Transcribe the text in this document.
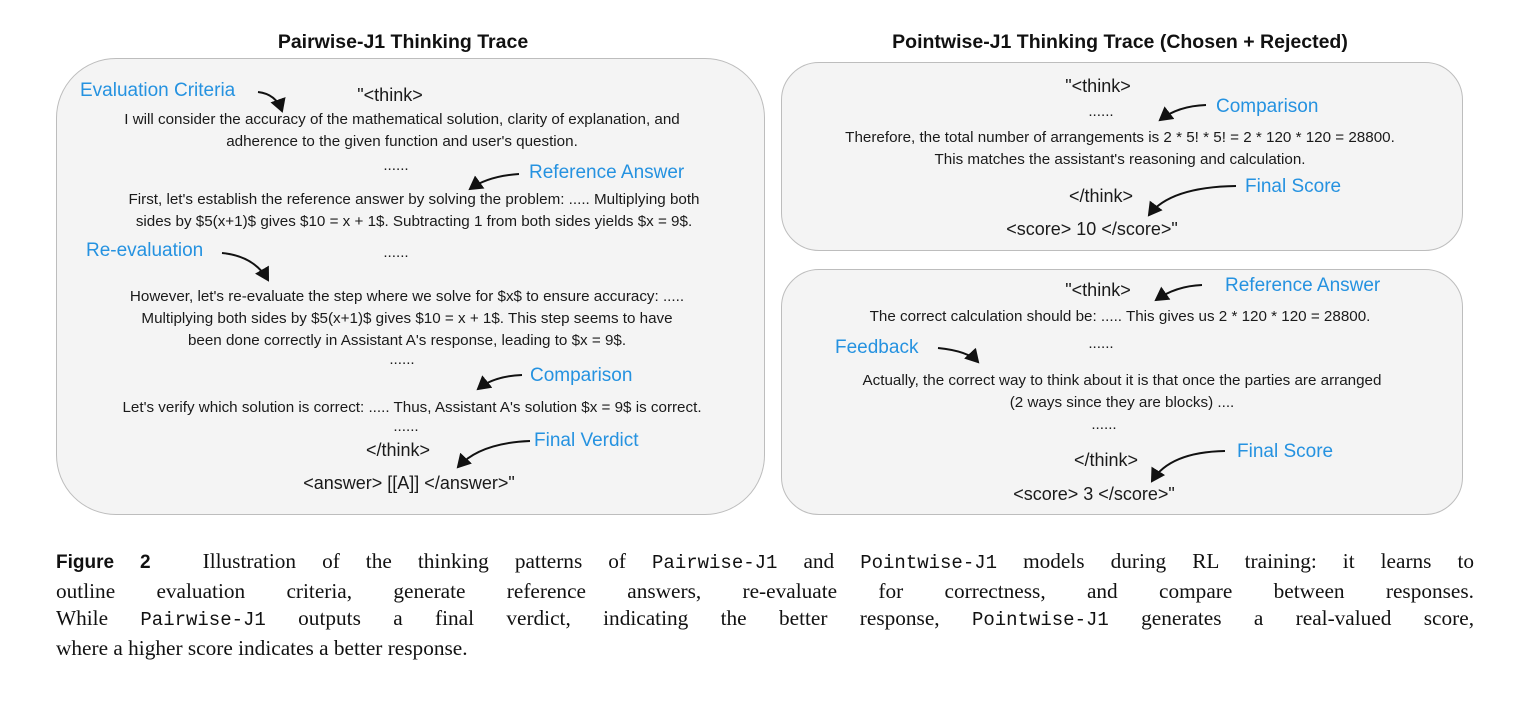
Pairwise-J1 Thinking Trace	Pointwise-J1 Thinking Trace (Chosen + Rejected)
Evaluation Criteria	"<think>
I will consider the accuracy of the mathematical solution, clarity of explanation, and
adherence to the given function and user's question.
......	Reference Answer
First, let's establish the reference answer by solving the problem: ..... Multiplying both
sides by $5(x+1)$ gives $10 = x + 1$. Subtracting 1 from both sides yields $x = 9$.
Re-evaluation	......
However, let's re-evaluate the step where we solve for $x$ to ensure accuracy: .....
Multiplying both sides by $5(x+1)$ gives $10 = x + 1$. This step seems to have
been done correctly in Assistant A's response, leading to $x = 9$.
......
Comparison
Let's verify which solution is correct: ..... Thus, Assistant A's solution $x = 9$ is correct.
......
Final Verdict
</think>
<answer> [[A]] </answer>"
"<think>
Comparison
......
Therefore, the total number of arrangements is 2 * 5! * 5! = 2 * 120 * 120 = 28800.
This matches the assistant's reasoning and calculation.
Final Score
</think>
<score> 10 </score>"
"<think>	Reference Answer
The correct calculation should be: ..... This gives us 2 * 120 * 120 = 28800.
Feedback	......
Actually, the correct way to think about it is that once the parties are arranged
(2 ways since they are blocks) ....
......
Final Score
</think>
<score> 3 </score>"
Figure 2 Illustration of the thinking patterns of Pairwise-J1 and Pointwise-J1 models during RL training: it learns to
outline evaluation criteria, generate reference answers, re-evaluate for correctness, and compare between responses.
While Pairwise-J1 outputs a final verdict, indicating the better response, Pointwise-J1 generates a real-valued score,
where a higher score indicates a better response.
